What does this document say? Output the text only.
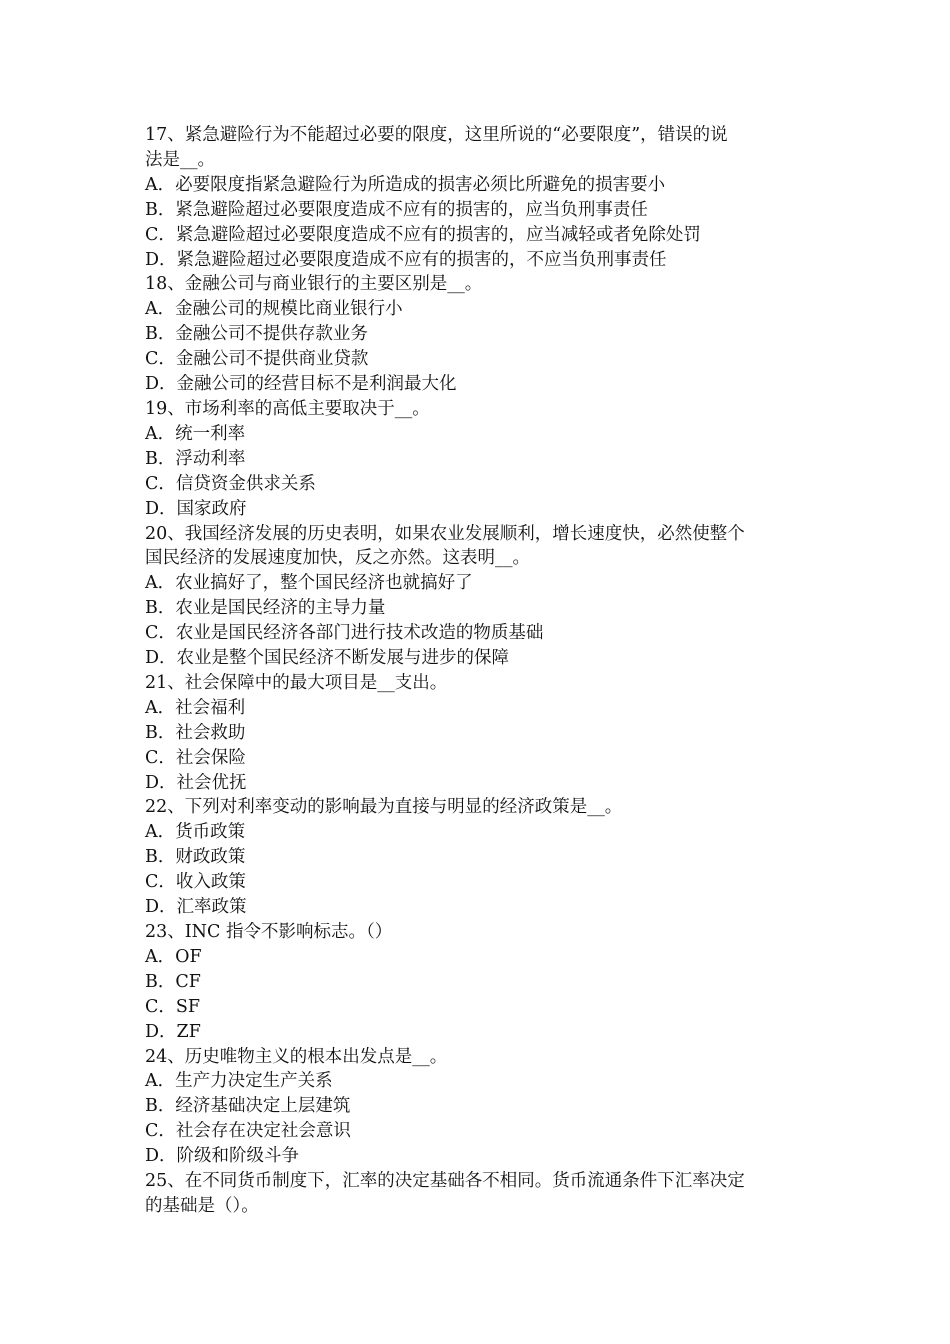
17、紧急避险行为不能超过必要的限度，这里所说的“必要限度”，错误的说

法是__。

A．必要限度指紧急避险行为所造成的损害必须比所避免的损害要小

B．紧急避险超过必要限度造成不应有的损害的，应当负刑事责任

C．紧急避险超过必要限度造成不应有的损害的，应当减轻或者免除处罚

D．紧急避险超过必要限度造成不应有的损害的，不应当负刑事责任

18、金融公司与商业银行的主要区别是__。

A．金融公司的规模比商业银行小

B．金融公司不提供存款业务

C．金融公司不提供商业贷款

D．金融公司的经营目标不是利润最大化

19、市场利率的高低主要取决于__。

A．统一利率

B．浮动利率

C．信贷资金供求关系

D．国家政府

20、我国经济发展的历史表明，如果农业发展顺利，增长速度快，必然使整个

国民经济的发展速度加快，反之亦然。这表明__。

A．农业搞好了，整个国民经济也就搞好了

B．农业是国民经济的主导力量

C．农业是国民经济各部门进行技术改造的物质基础

D．农业是整个国民经济不断发展与进步的保障

21、社会保障中的最大项目是__支出。

A．社会福利

B．社会救助

C．社会保险

D．社会优抚

22、下列对利率变动的影响最为直接与明显的经济政策是__。

A．货币政策

B．财政政策

C．收入政策

D．汇率政策

23、INC 指令不影响标志。（）

A．OF

B．CF

C．SF

D．ZF

24、历史唯物主义的根本出发点是__。

A．生产力决定生产关系

B．经济基础决定上层建筑

C．社会存在决定社会意识

D．阶级和阶级斗争

25、在不同货币制度下，汇率的决定基础各不相同。货币流通条件下汇率决定

的基础是（）。
